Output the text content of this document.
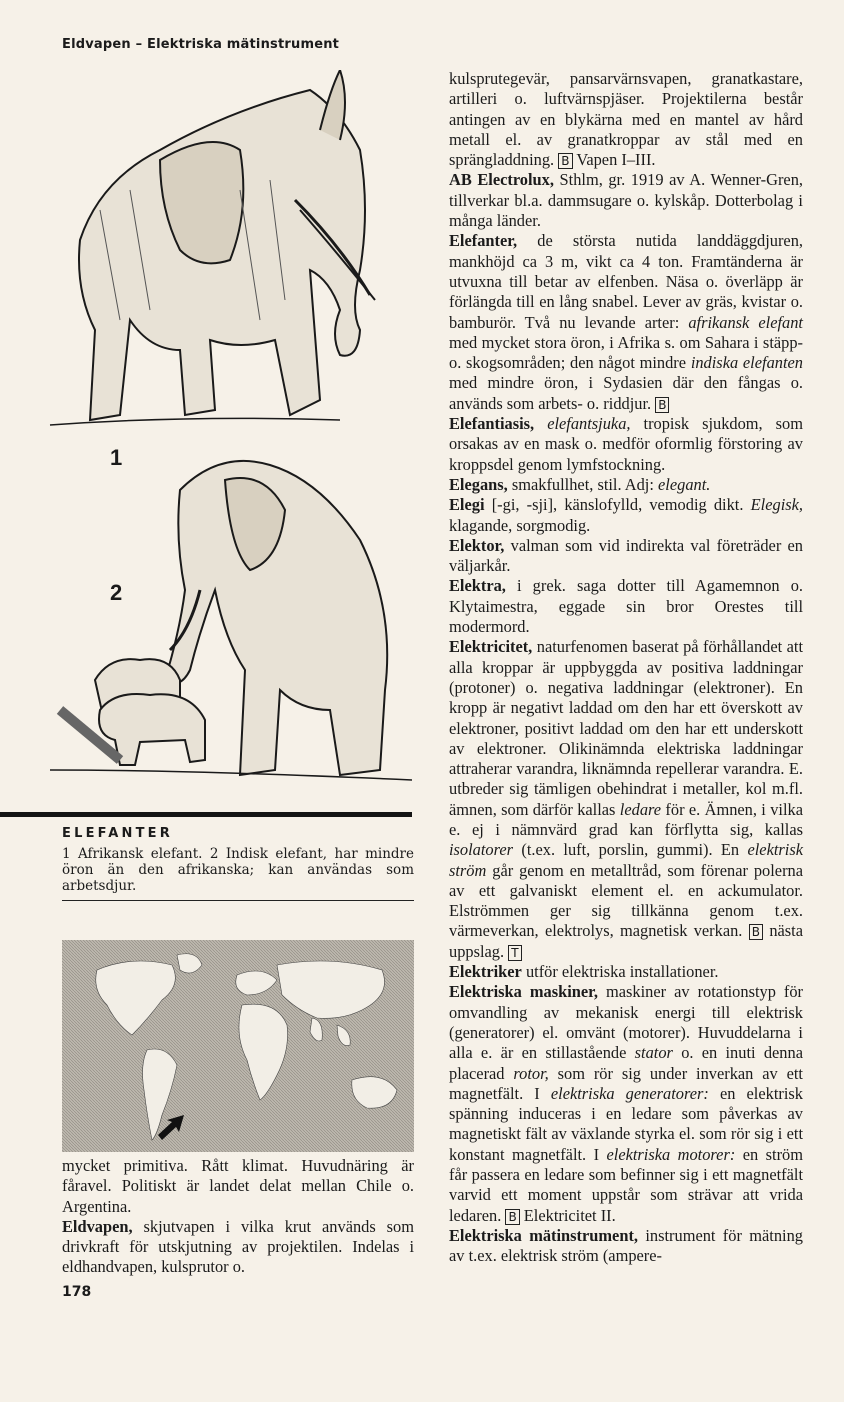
Eldvapen – Elektriska mätinstrument
1
2
ELEFANTER
1 Afrikansk elefant. 2 Indisk elefant, har mindre öron än den afrikanska; kan användas som arbetsdjur.

mycket primitiva. Rått klimat. Huvudnäring är fåravel. Politiskt är landet delat mellan Chile o. Argentina.

Eldvapen, skjutvapen i vilka krut används som drivkraft för utskjutning av projektilen. Indelas i eldhandvapen, kulsprutor o.

kulsprutegevär, pansarvärnsvapen, granatkastare, artilleri o. luftvärnspjäser. Projektilerna består antingen av en blykärna med en mantel av hård metall el. av granatkroppar av stål med en sprängladdning. B Vapen I–III.

AB Electrolux, Sthlm, gr. 1919 av A. Wenner-Gren, tillverkar bl.a. dammsugare o. kylskåp. Dotterbolag i många länder.

Elefanter, de största nutida landdäggdjuren, mankhöjd ca 3 m, vikt ca 4 ton. Framtänderna är utvuxna till betar av elfenben. Näsa o. överläpp är förlängda till en lång snabel. Lever av gräs, kvistar o. bamburör. Två nu levande arter: afrikansk elefant med mycket stora öron, i Afrika s. om Sahara i stäpp- o. skogsområden; den något mindre indiska elefanten med mindre öron, i Sydasien där den fångas o. används som arbets- o. riddjur. B

Elefantiasis, elefantsjuka, tropisk sjukdom, som orsakas av en mask o. medför oformlig förstoring av kroppsdel genom lymfstockning.

Elegans, smakfullhet, stil. Adj: elegant.

Elegi [-gi, -sji], känslofylld, vemodig dikt. Elegisk, klagande, sorgmodig.

Elektor, valman som vid indirekta val företräder en väljarkår.

Elektra, i grek. saga dotter till Agamemnon o. Klytaimestra, eggade sin bror Orestes till modermord.

Elektricitet, naturfenomen baserat på förhållandet att alla kroppar är uppbyggda av positiva laddningar (protoner) o. negativa laddningar (elektroner). En kropp är negativt laddad om den har ett överskott av elektroner, positivt laddad om den har ett underskott av elektroner. Olikinämnda elektriska laddningar attraherar varandra, liknämnda repellerar varandra. E. utbreder sig tämligen obehindrat i metaller, kol m.fl. ämnen, som därför kallas ledare för e. Ämnen, i vilka e. ej i nämnvärd grad kan förflytta sig, kallas isolatorer (t.ex. luft, porslin, gummi). En elektrisk ström går genom en metalltråd, som förenar polerna av ett galvaniskt element el. en ackumulator. Elströmmen ger sig tillkänna genom t.ex. värmeverkan, elektrolys, magnetisk verkan. B nästa uppslag. T

Elektriker utför elektriska installationer.

Elektriska maskiner, maskiner av rotationstyp för omvandling av mekanisk energi till elektrisk (generatorer) el. omvänt (motorer). Huvuddelarna i alla e. är en stillastående stator o. en inuti denna placerad rotor, som rör sig under inverkan av ett magnetfält. I elektriska generatorer: en elektrisk spänning induceras i en ledare som påverkas av magnetiskt fält av växlande styrka el. som rör sig i ett konstant magnetfält. I elektriska motorer: en ström får passera en ledare som befinner sig i ett magnetfält varvid ett moment uppstår som strävar att vrida ledaren. B Elektricitet II.

Elektriska mätinstrument, instrument för mätning av t.ex. elektrisk ström (ampere-

178
